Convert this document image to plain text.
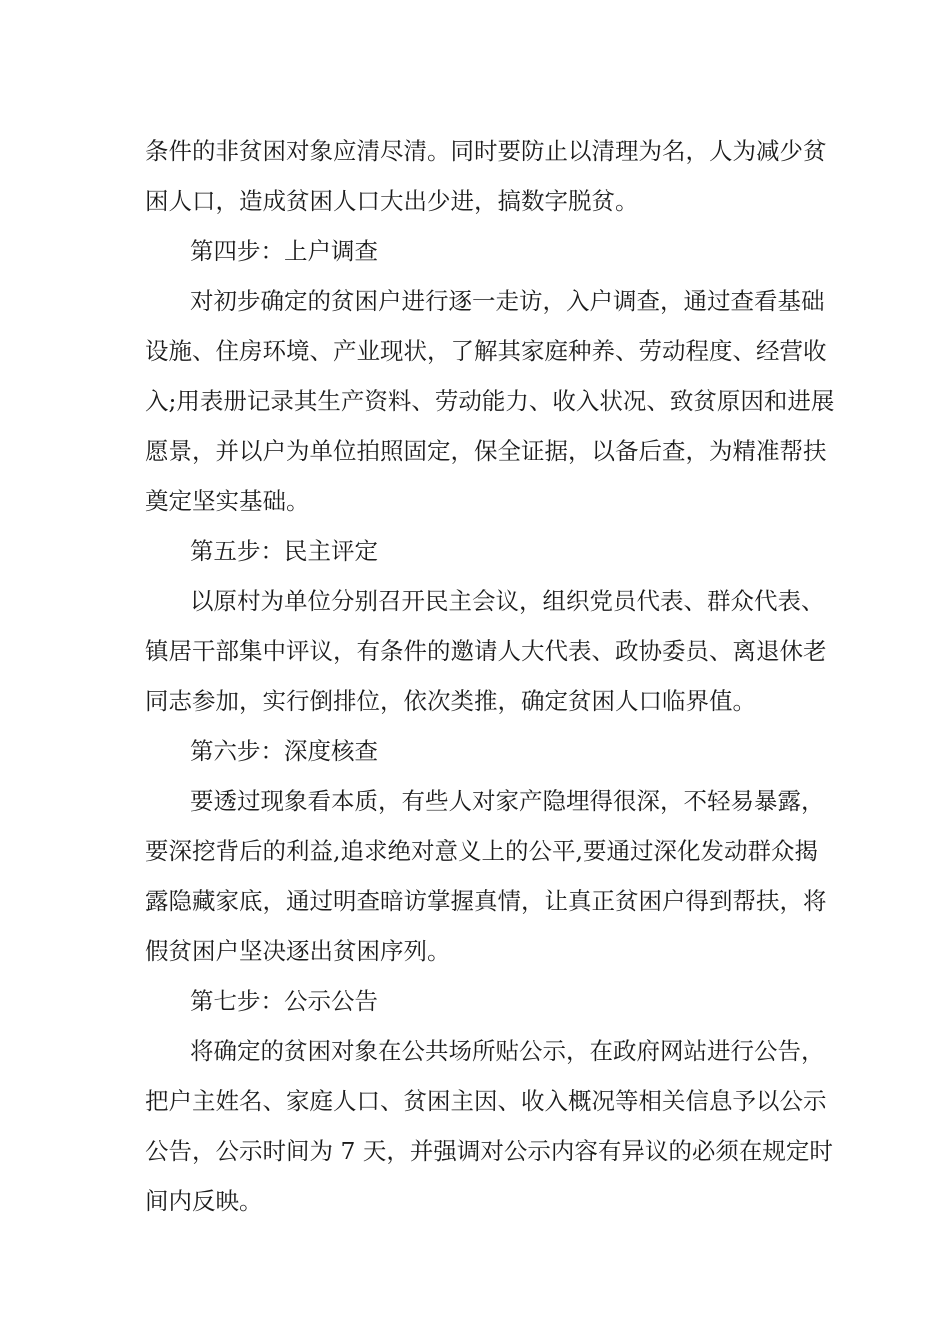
条件的非贫困对象应清尽清。同时要防止以清理为名，人为减少贫
困人口，造成贫困人口大出少进，搞数字脱贫。
第四步：上户调查
对初步确定的贫困户进行逐一走访，入户调查，通过查看基础
设施、住房环境、产业现状，了解其家庭种养、劳动程度、经营收
入;用表册记录其生产资料、劳动能力、收入状况、致贫原因和进展
愿景，并以户为单位拍照固定，保全证据，以备后查，为精准帮扶
奠定坚实基础。
第五步：民主评定
以原村为单位分别召开民主会议，组织党员代表、群众代表、
镇居干部集中评议，有条件的邀请人大代表、政协委员、离退休老
同志参加，实行倒排位，依次类推，确定贫困人口临界值。
第六步：深度核查
要透过现象看本质，有些人对家产隐埋得很深，不轻易暴露，
要深挖背后的利益,追求绝对意义上的公平,要通过深化发动群众揭
露隐藏家底，通过明查暗访掌握真情，让真正贫困户得到帮扶，将
假贫困户坚决逐出贫困序列。
第七步：公示公告
将确定的贫困对象在公共场所贴公示，在政府网站进行公告，
把户主姓名、家庭人口、贫困主因、收入概况等相关信息予以公示
公告，公示时间为 7 天，并强调对公示内容有异议的必须在规定时
间内反映。
